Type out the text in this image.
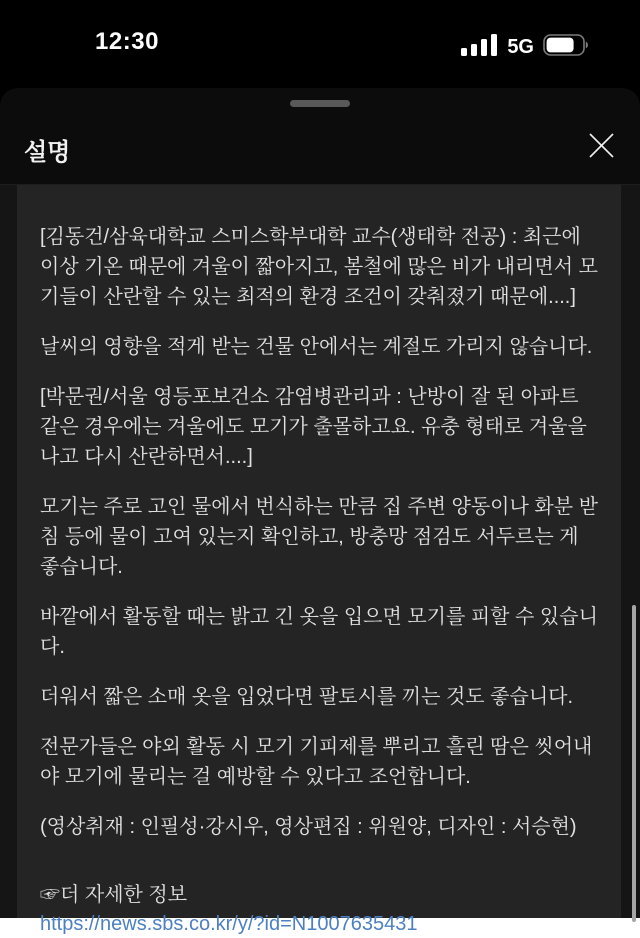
12:30	5G
설명

[김동건/삼육대학교 스미스학부대학 교수(생태학 전공) : 최근에 이상 기온 때문에 겨울이 짧아지고, 봄철에 많은 비가 내리면서 모기들이 산란할 수 있는 최적의 환경 조건이 갖춰졌기 때문에....]

날씨의 영향을 적게 받는 건물 안에서는 계절도 가리지 않습니다.

[박문권/서울 영등포보건소 감염병관리과 : 난방이 잘 된 아파트 같은 경우에는 겨울에도 모기가 출몰하고요. 유충 형태로 겨울을 나고 다시 산란하면서....]

모기는 주로 고인 물에서 번식하는 만큼 집 주변 양동이나 화분 받침 등에 물이 고여 있는지 확인하고, 방충망 점검도 서두르는 게 좋습니다.

바깥에서 활동할 때는 밝고 긴 옷을 입으면 모기를 피할 수 있습니다.

더워서 짧은 소매 옷을 입었다면 팔토시를 끼는 것도 좋습니다.

전문가들은 야외 활동 시 모기 기피제를 뿌리고 흘린 땀은 씻어내야 모기에 물리는 걸 예방할 수 있다고 조언합니다.

(영상취재 : 인필성·강시우, 영상편집 : 위원양, 디자인 : 서승현)

☞더 자세한 정보

https://news.sbs.co.kr/y/?id=N1007635431
